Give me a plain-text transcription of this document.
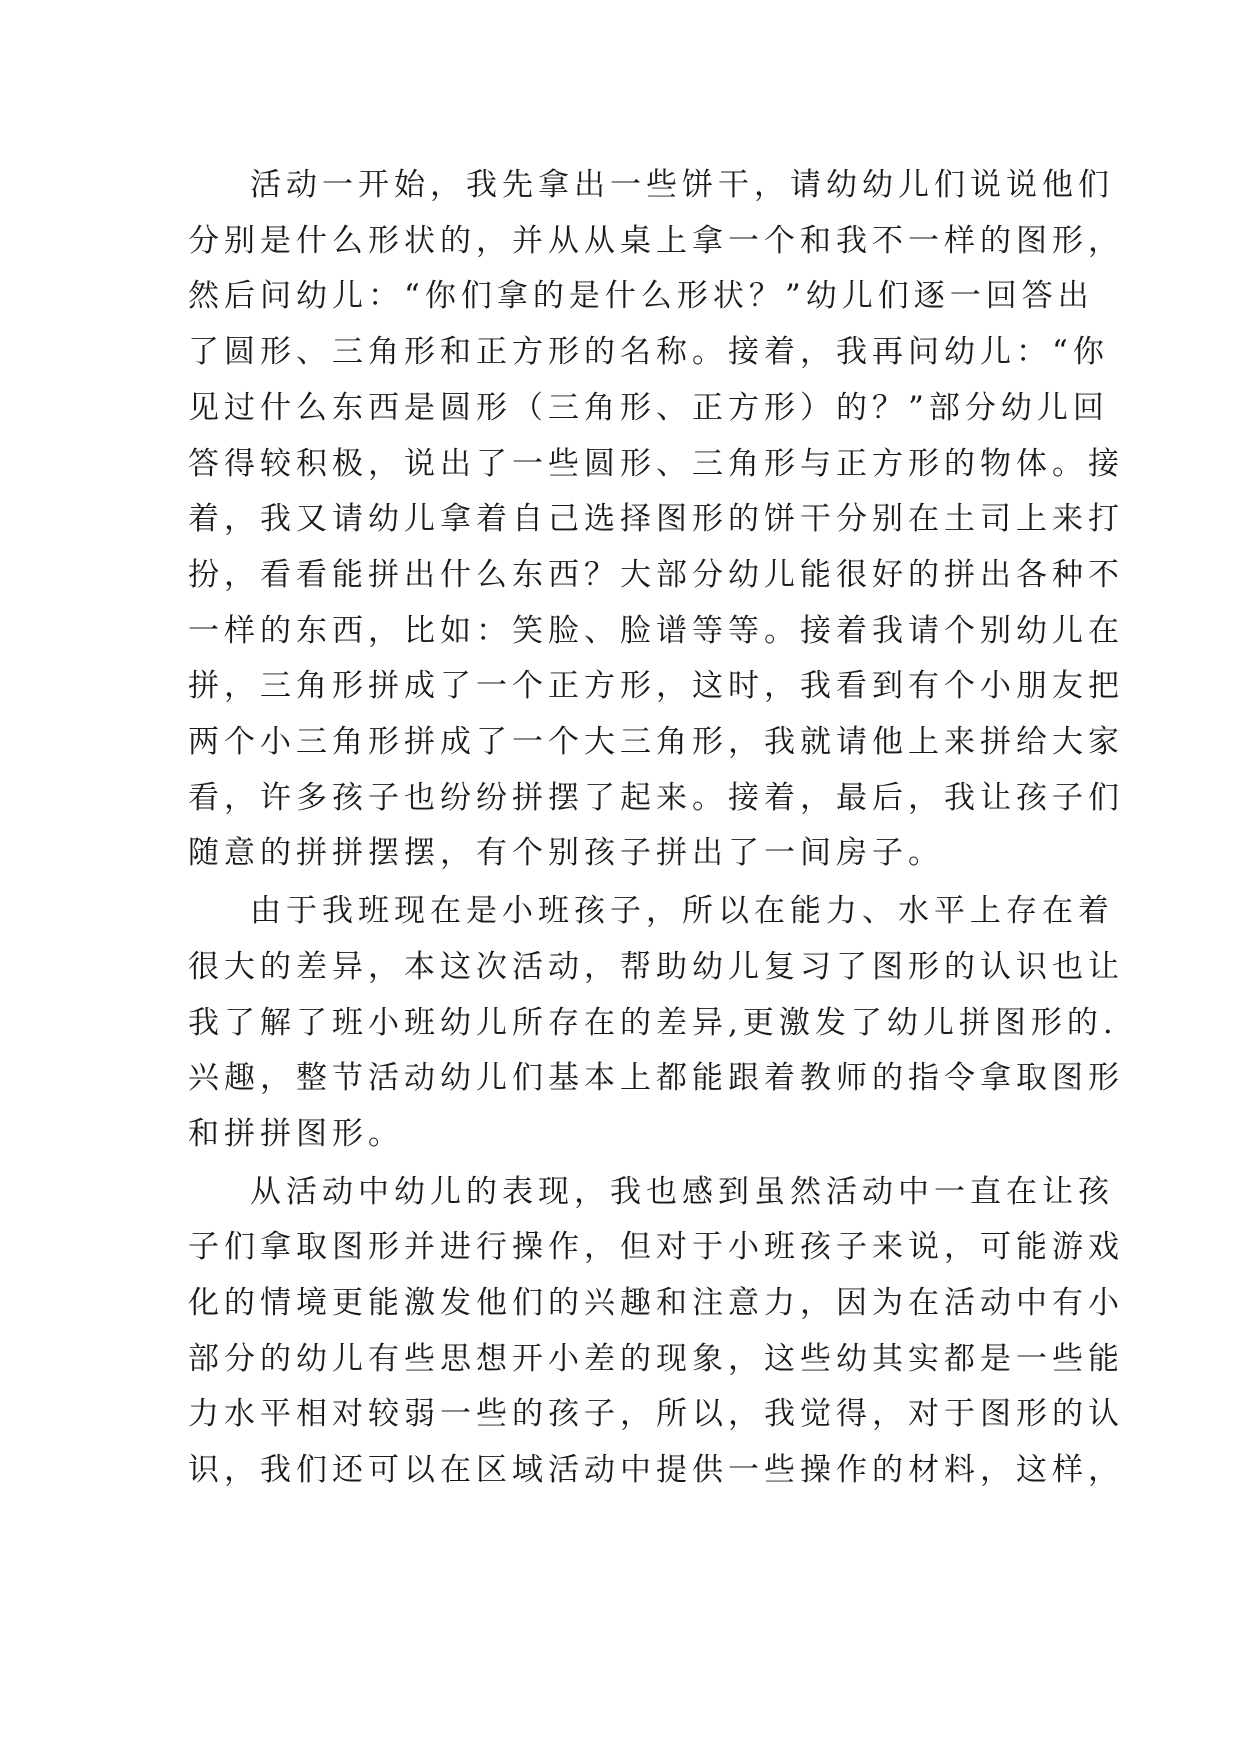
活动一开始，我先拿出一些饼干，请幼幼儿们说说他们
分别是什么形状的，并从从桌上拿一个和我不一样的图形，
然后问幼儿：“你们拿的是什么形状？”幼儿们逐一回答出
了圆形、三角形和正方形的名称。接着，我再问幼儿：“你
见过什么东西是圆形（三角形、正方形）的？”部分幼儿回
答得较积极，说出了一些圆形、三角形与正方形的物体。接
着，我又请幼儿拿着自己选择图形的饼干分别在土司上来打
扮，看看能拼出什么东西？大部分幼儿能很好的拼出各种不
一样的东西，比如：笑脸、脸谱等等。接着我请个别幼儿在
拼，三角形拼成了一个正方形，这时，我看到有个小朋友把
两个小三角形拼成了一个大三角形，我就请他上来拼给大家
看，许多孩子也纷纷拼摆了起来。接着，最后，我让孩子们
随意的拼拼摆摆，有个别孩子拼出了一间房子。
由于我班现在是小班孩子，所以在能力、水平上存在着
很大的差异，本这次活动，帮助幼儿复习了图形的认识也让
我了解了班小班幼儿所存在的差异,更激发了幼儿拼图形的.
兴趣，整节活动幼儿们基本上都能跟着教师的指令拿取图形
和拼拼图形。
从活动中幼儿的表现，我也感到虽然活动中一直在让孩
子们拿取图形并进行操作，但对于小班孩子来说，可能游戏
化的情境更能激发他们的兴趣和注意力，因为在活动中有小
部分的幼儿有些思想开小差的现象，这些幼其实都是一些能
力水平相对较弱一些的孩子，所以，我觉得，对于图形的认
识，我们还可以在区域活动中提供一些操作的材料，这样，
